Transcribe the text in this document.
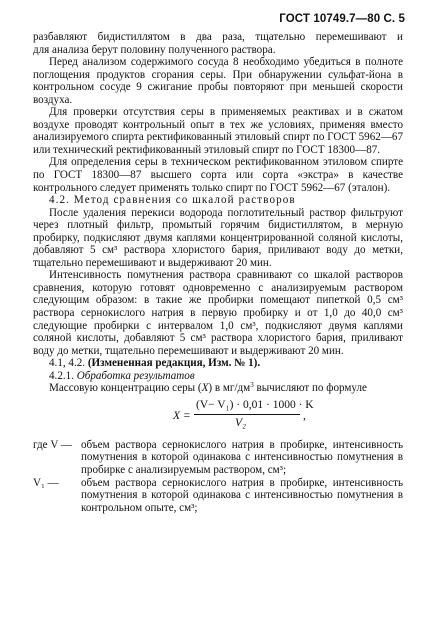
ГОСТ 10749.7—80 С. 5

разбавляют бидистиллятом в два раза, тщательно перемешивают и

для анализа берут половину полученного раствора.

Перед анализом содержимого сосуда 8 необходимо убедиться в полноте поглощения продуктов сгорания серы. При обнаружении сульфат-йона в контрольном сосуде 9 сжигание пробы повторяют при меньшей скорости воздуха.

Для проверки отсутствия серы в применяемых реактивах и в сжатом воздухе проводят контрольный опыт в тех же условиях, применяя вместо анализируемого спирта ректификованный этиловый спирт по ГОСТ 5962—67 или технический ректификованный этиловый спирт по ГОСТ 18300—87.

Для определения серы в техническом ректификованном этиловом спирте по ГОСТ 18300—87 высшего сорта или сорта «экстра» в качестве контрольного следует применять только спирт по ГОСТ 5962—67 (эталон).

4.2. Метод сравнения со шкалой растворов

После удаления перекиси водорода поглотительный раствор фильтруют через плотный фильтр, промытый горячим бидистиллятом, в мерную пробирку, подкисляют двумя каплями концентрированной соляной кислоты, добавляют 5 см³ раствора хлористого бария, приливают воду до метки, тщательно перемешивают и выдерживают 20 мин.

Интенсивность помутнения раствора сравнивают со шкалой растворов сравнения, которую готовят одновременно с анализируемым раствором следующим образом: в такие же пробирки помещают пипеткой 0,5 см³ раствора сернокислого натрия в первую пробирку и от 1,0 до 40,0 см³ следующие пробирки с интервалом 1,0 см³, подкисляют двумя каплями соляной кислоты, добавляют 5 см³ раствора хлористого бария, приливают воду до метки, тщательно перемешивают и выдерживают 20 мин.

4.1, 4.2. (Измененная редакция, Изм. № 1).

4.2.1. Обработка результатов

Массовую концентрацию серы (X) в $мг/дм^3$ вычисляют по формуле

X =
(V− V₁) · 0,01 · 1000 · K
V₂
,
где V — объем раствора сернокислого натрия в пробирке, интенсивность помутнения в которой одинакова с интенсивностью помутнения в пробирке с анализируемым раствором, см³;
V₁ —	объем раствора сернокислого натрия в пробирке, интенсивность помутнения в которой одинакова с интенсивностью помутнения в контрольном опыте, см³;
